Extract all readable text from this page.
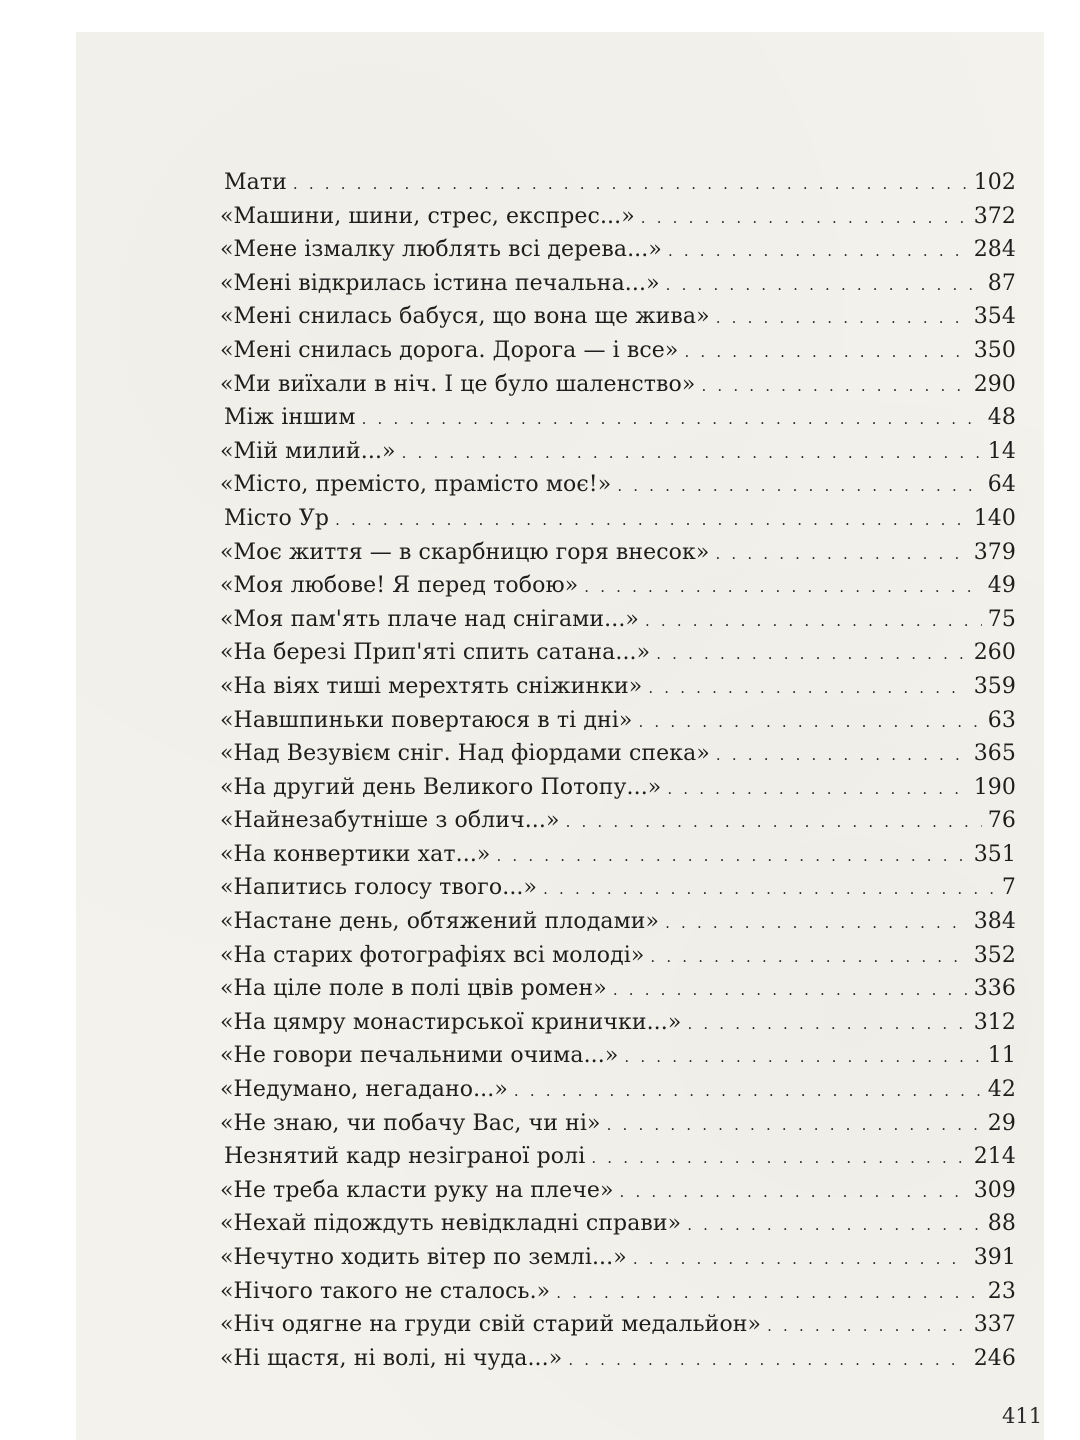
Мати . . .	102
«Машини, шини, стрес, експрес...» . . .	372
«Мене ізмалку люблять всі дерева...» . . .	284
«Мені відкрилась істина печальна...» . . .	87
«Мені снилась бабуся, що вона ще жива» . . .	354
«Мені снилась дорога. Дорога — і все» . . .	350
«Ми виїхали в ніч. І це було шаленство» . . .	290
Між іншим . . .	48
«Мій милий...» . . .	14
«Місто, премісто, прамісто моє!» . . .	64
Місто Ур . . .	140
«Моє життя — в скарбницю горя внесок» . . .	379
«Моя любове! Я перед тобою» . . .	49
«Моя пам'ять плаче над снігами...» . . .	75
«На березі Прип'яті спить сатана...» . . .	260
«На віях тиші мерехтять сніжинки» . . .	359
«Навшпиньки повертаюся в ті дні» . . .	63
«Над Везувієм сніг. Над фіордами спека» . . .	365
«На другий день Великого Потопу...» . . .	190
«Найнезабутніше з облич...» . . .	76
«На конвертики хат...» . . .	351
«Напитись голосу твого...» . . .	7
«Настане день, обтяжений плодами» . . .	384
«На старих фотографіях всі молоді» . . .	352
«На ціле поле в полі цвів ромен» . . .	336
«На цямру монастирської кринички...» . . .	312
«Не говори печальними очима...» . . .	11
«Недумано, негадано...» . . .	42
«Не знаю, чи побачу Вас, чи ні» . . .	29
Незнятий кадр незіграної ролі . . .	214
«Не треба класти руку на плече» . . .	309
«Нехай підождуть невідкладні справи» . . .	88
«Нечутно ходить вітер по землі...» . . .	391
«Нічого такого не сталось.» . . .	23
«Ніч одягне на груди свій старий медальйон» . . .	337
«Ні щастя, ні волі, ні чуда...» . . .	246
411
